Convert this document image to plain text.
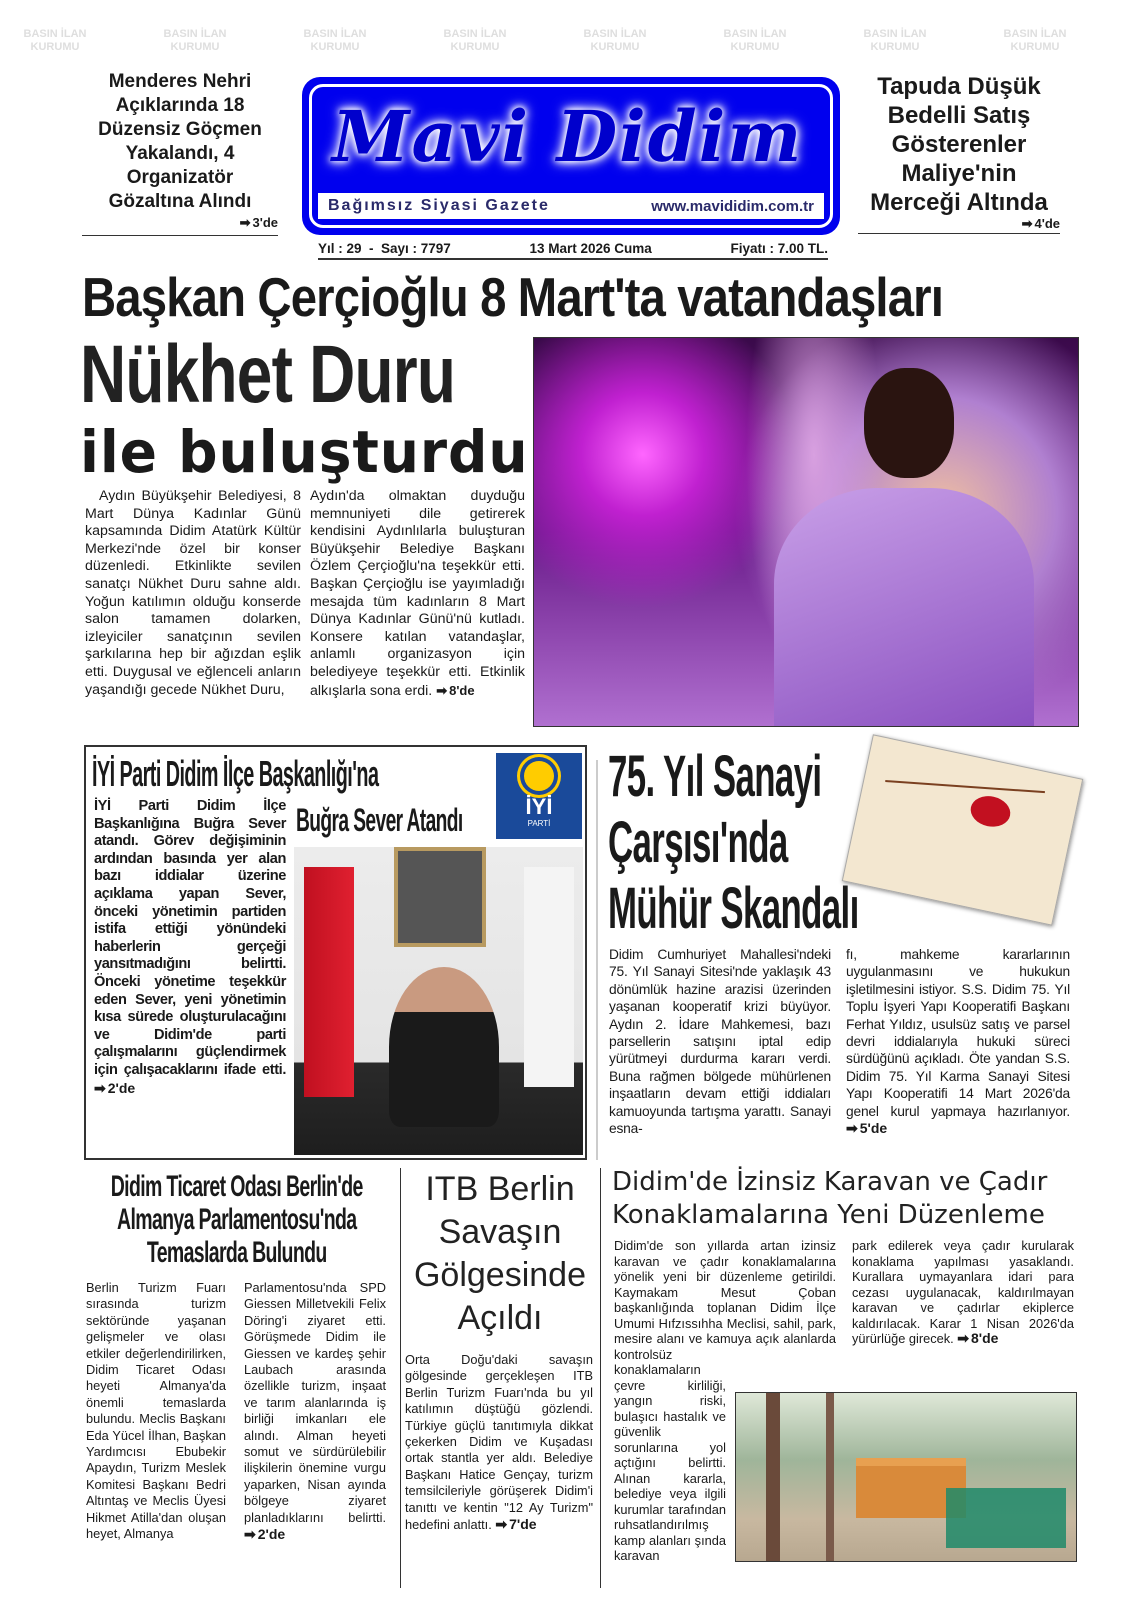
BASIN İLAN KURUMU
BASIN İLAN KURUMU
BASIN İLAN KURUMU
BASIN İLAN KURUMU
BASIN İLAN KURUMU
BASIN İLAN KURUMU
BASIN İLAN KURUMU
BASIN İLAN KURUMU
Menderes Nehri Açıklarında 18 Düzensiz Göçmen Yakalandı, 4 Organizatör Gözaltına Alındı
➡ 3'de
Mavi Didim
Bağımsız Siyasi Gazete	www.mavididim.com.tr
Yıl : 29  -  Sayı : 7797	13 Mart 2026 Cuma	Fiyatı : 7.00 TL.
Tapuda Düşük Bedelli Satış Gösterenler Maliye'nin Merceği Altında
➡ 4'de
Başkan Çerçioğlu 8 Mart'ta vatandaşları
Nükhet Duru
ile buluşturdu
Aydın Büyükşehir Belediyesi, 8 Mart Dünya Kadınlar Günü kapsamında Didim Atatürk Kültür Merkezi'nde özel bir konser düzenledi. Etkinlikte sevilen sanatçı Nükhet Duru sahne aldı. Yoğun katılımın olduğu konserde salon tamamen dolarken, izleyiciler sanatçının sevilen şarkılarına hep bir ağızdan eşlik etti. Duygusal ve eğlenceli anların yaşandığı gecede Nükhet Duru,
Aydın'da olmaktan duyduğu memnuniyeti dile getirerek kendisini Aydınlılarla buluşturan Büyükşehir Belediye Başkanı Özlem Çerçioğlu'na teşekkür etti. Başkan Çerçioğlu ise yayımladığı mesajda tüm kadınların 8 Mart Dünya Kadınlar Günü'nü kutladı. Konsere katılan vatandaşlar, anlamlı organizasyon için belediyeye teşekkür etti. Etkinlik alkışlarla sona erdi. ➡ 8'de
İYİ Parti Didim İlçe Başkanlığı'na
Buğra Sever Atandı	İYİ
PARTİ
İYİ Parti Didim İlçe Başkanlığına Buğra Sever atandı. Görev değişiminin ardından basında yer alan bazı iddialar üzerine açıklama yapan Sever, önceki yönetimin partiden istifa ettiği yönündeki haberlerin gerçeği yansıtmadığını belirtti. Önceki yönetime teşekkür eden Sever, yeni yönetimin kısa sürede oluşturulacağını ve Didim'de parti çalışmalarını güçlendirmek için çalışacaklarını ifade etti. ➡ 2'de
75. Yıl Sanayi
Çarşısı'nda
Mühür Skandalı
Didim Cumhuriyet Mahallesi'ndeki 75. Yıl Sanayi Sitesi'nde yaklaşık 43 dönümlük hazine arazisi üzerinden yaşanan kooperatif krizi büyüyor. Aydın 2. İdare Mahkemesi, bazı parsellerin satışını iptal edip yürütmeyi durdurma kararı verdi. Buna rağmen bölgede mühürlenen inşaatların devam ettiği iddiaları kamuoyunda tartışma yarattı. Sanayi esna-
fı, mahkeme kararlarının uygulanmasını ve hukukun işletilmesini istiyor. S.S. Didim 75. Yıl Toplu İşyeri Yapı Kooperatifi Başkanı Ferhat Yıldız, usulsüz satış ve parsel devri iddialarıyla hukuki süreci sürdüğünü açıkladı. Öte yandan S.S. Didim 75. Yıl Karma Sanayi Sitesi Yapı Kooperatifi 14 Mart 2026'da genel kurul yapmaya hazırlanıyor. ➡ 5'de
Didim Ticaret Odası Berlin'de Almanya Parlamentosu'nda Temaslarda Bulundu
Berlin Turizm Fuarı sırasında turizm sektöründe yaşanan gelişmeler ve olası etkiler değerlendirilirken, Didim Ticaret Odası heyeti Almanya'da önemli temaslarda bulundu. Meclis Başkanı Eda Yücel İlhan, Başkan Yardımcısı Ebubekir Apaydın, Turizm Meslek Komitesi Başkanı Bedri Altıntaş ve Meclis Üyesi Hikmet Atilla'dan oluşan heyet, Almanya
Parlamentosu'nda SPD Giessen Milletvekili Felix Döring'i ziyaret etti. Görüşmede Didim ile Giessen ve kardeş şehir Laubach arasında özellikle turizm, inşaat ve tarım alanlarında iş birliği imkanları ele alındı. Alman heyeti somut ve sürdürülebilir ilişkilerin önemine vurgu yaparken, Nisan ayında bölgeye ziyaret planladıklarını belirtti. ➡ 2'de
ITB Berlin Savaşın Gölgesinde Açıldı
Orta Doğu'daki savaşın gölgesinde gerçekleşen ITB Berlin Turizm Fuarı'nda bu yıl katılımın düştüğü gözlendi. Türkiye güçlü tanıtımıyla dikkat çekerken Didim ve Kuşadası ortak stantla yer aldı. Belediye Başkanı Hatice Gençay, turizm temsilcileriyle görüşerek Didim'i tanıttı ve kentin "12 Ay Turizm" hedefini anlattı. ➡ 7'de
Didim'de İzinsiz Karavan ve Çadır
Konaklamalarına Yeni Düzenleme
Didim'de son yıllarda artan izinsiz karavan ve çadır konaklamalarına yönelik yeni bir düzenleme getirildi. Kaymakam Mesut Çoban başkanlığında toplanan Didim İlçe Umumi Hıfzıssıhha Meclisi, sahil, park, mesire alanı ve kamuya açık alanlarda kontrolsüz
konaklamaların çevre kirliliği, yangın riski, bulaşıcı hastalık ve güvenlik sorunlarına yol açtığını belirtti. Alınan kararla, belediye veya ilgili kurumlar tarafından ruhsatlandırılmış kamp alanları şında karavan
park edilerek veya çadır kurularak konaklama yapılması yasaklandı. Kurallara uymayanlara idari para cezası uygulanacak, kaldırılmayan karavan ve çadırlar ekiplerce kaldırılacak. Karar 1 Nisan 2026'da yürürlüğe girecek. ➡ 8'de
